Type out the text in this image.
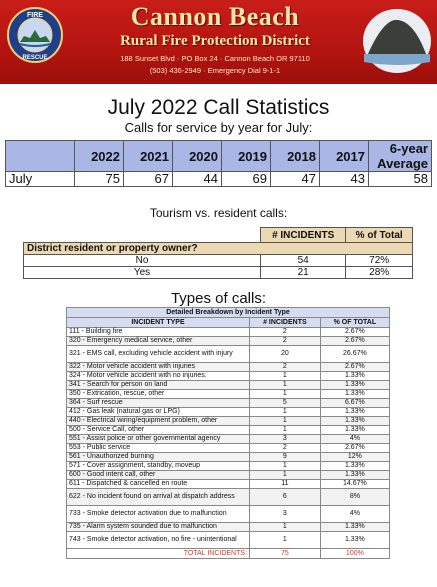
FIRE
RESCUE
Cannon Beach
Rural Fire Protection District
188 Sunset Blvd · PO Box 24 · Cannon Beach OR 97110
(503) 436-2949 · Emergency Dial 9-1-1
July 2022 Call Statistics
Calls for service by year for July:
	2022	2021	2020	2019	2018	2017	6-year Average
July	75	67	44	69	47	43	58
Tourism vs. resident calls:
	# INCIDENTS	% of Total
District resident or property owner?		
No	54	72%
Yes	21	28%
Types of calls:
Detailed Breakdown by Incident Type		
INCIDENT TYPE	# INCIDENTS	% OF TOTAL
111 - Building fire	2	2.67%
320 - Emergency medical service, other	2	2.67%
321 - EMS call, excluding vehicle accident with injury	20	26.67%
322 - Motor vehicle accident with injuries	2	2.67%
324 - Motor vehicle accident with no injuries.	1	1.33%
341 - Search for person on land	1	1.33%
350 - Extrication, rescue, other	1	1.33%
364 - Surf rescue	5	6.67%
412 - Gas leak (natural gas or LPG)	1	1.33%
440 - Electrical wiring/equipment problem, other	1	1.33%
500 - Service Call, other	1	1.33%
551 - Assist police or other governmental agency	3	4%
553 - Public service	2	2.67%
561 - Unauthorized burning	9	12%
571 - Cover assignment, standby, moveup	1	1.33%
600 - Good intent call, other	1	1.33%
611 - Dispatched & cancelled en route	11	14.67%
622 - No incident found on arrival at dispatch address	6	8%
733 - Smoke detector activation due to malfunction	3	4%
735 - Alarm system sounded due to malfunction	1	1.33%
743 - Smoke detector activation, no fire - unintentional	1	1.33%
TOTAL INCIDENTS:	75	100%
